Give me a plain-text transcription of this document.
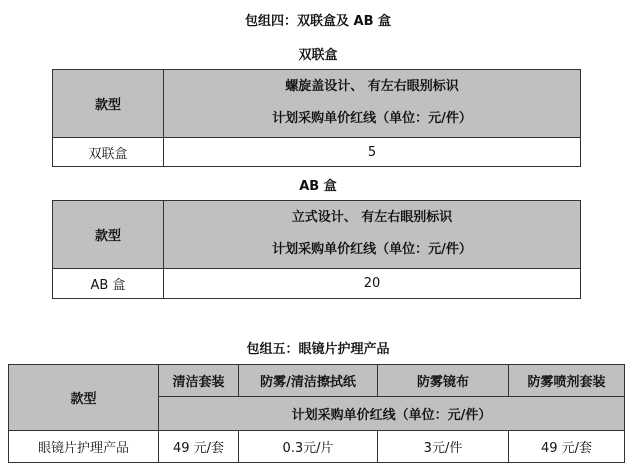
包组四：双联盒及 AB 盒
双联盒
款型	螺旋盖设计、 有左右眼别标识
计划采购单价红线（单位：元/件）

双联盒	5
AB 盒
款型	立式设计、 有左右眼别标识
计划采购单价红线（单位：元/件）

AB 盒	20
包组五：眼镜片护理产品
款型	清洁套装	防雾/清洁擦拭纸	防雾镜布	防雾喷剂套装
	计划采购单价红线（单位：元/件）			
眼镜片护理产品	49 元/套	0.3元/片	3元/件	49 元/套
